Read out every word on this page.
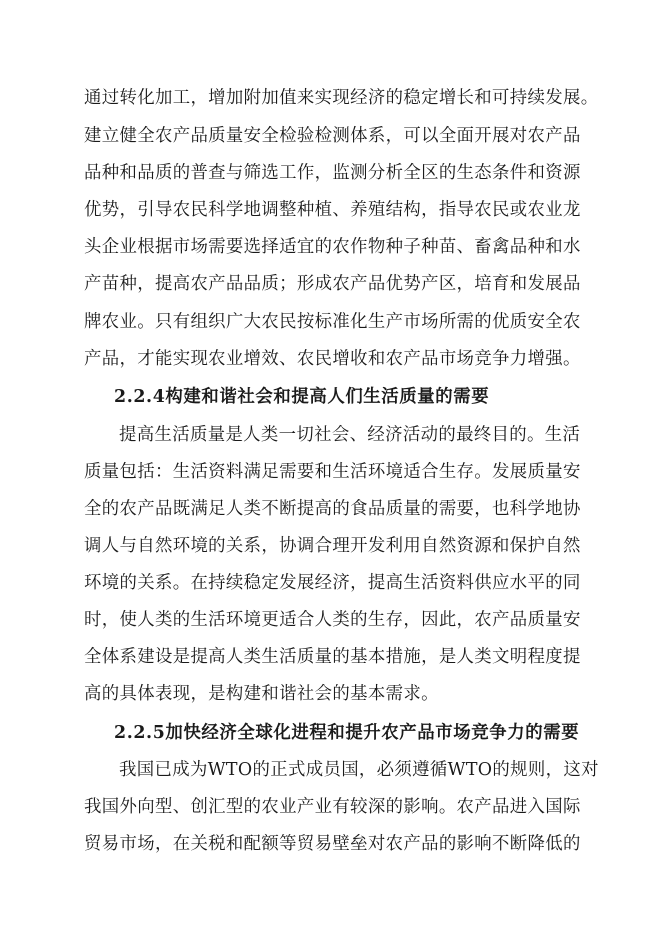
通过转化加工，增加附加值来实现经济的稳定增长和可持续发展。
建立健全农产品质量安全检验检测体系，可以全面开展对农产品
品种和品质的普查与筛选工作，监测分析全区的生态条件和资源
优势，引导农民科学地调整种植、养殖结构，指导农民或农业龙
头企业根据市场需要选择适宜的农作物种子种苗、畜禽品种和水
产苗种，提高农产品品质；形成农产品优势产区，培育和发展品
牌农业。只有组织广大农民按标准化生产市场所需的优质安全农
产品，才能实现农业增效、农民增收和农产品市场竞争力增强。
2.2.4构建和谐社会和提高人们生活质量的需要
提高生活质量是人类一切社会、经济活动的最终目的。生活
质量包括：生活资料满足需要和生活环境适合生存。发展质量安
全的农产品既满足人类不断提高的食品质量的需要，也科学地协
调人与自然环境的关系，协调合理开发利用自然资源和保护自然
环境的关系。在持续稳定发展经济，提高生活资料供应水平的同
时，使人类的生活环境更适合人类的生存，因此，农产品质量安
全体系建设是提高人类生活质量的基本措施，是人类文明程度提
高的具体表现，是构建和谐社会的基本需求。
2.2.5加快经济全球化进程和提升农产品市场竞争力的需要
我国已成为WTO的正式成员国，必须遵循WTO的规则，这对
我国外向型、创汇型的农业产业有较深的影响。农产品进入国际
贸易市场，在关税和配额等贸易壁垒对农产品的影响不断降低的
